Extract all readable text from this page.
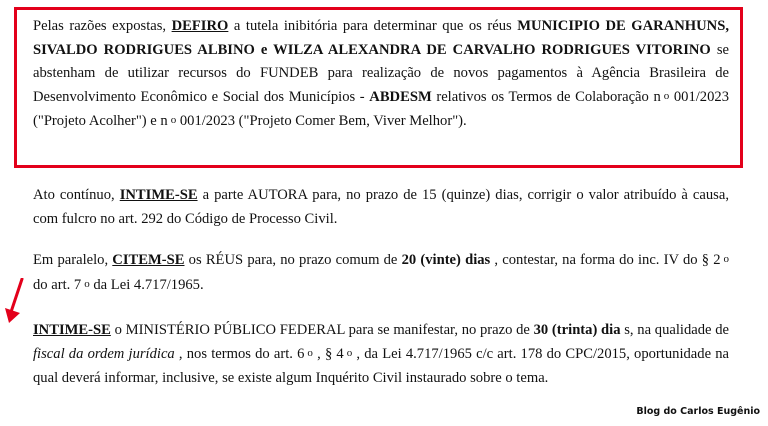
Pelas razões expostas, DEFIRO a tutela inibitória para determinar que os réus MUNICIPIO DE GARANHUNS, SIVALDO RODRIGUES ALBINO e WILZA ALEXANDRA DE CARVALHO RODRIGUES VITORINO se abstenham de utilizar recursos do FUNDEB para realização de novos pagamentos à Agência Brasileira de Desenvolvimento Econômico e Social dos Municípios - ABDESM relativos os Termos de Colaboração n $^o$ 001/2023 ("Projeto Acolher") e n $^o$ 001/2023 ("Projeto Comer Bem, Viver Melhor").
Ato contínuo, INTIME-SE a parte AUTORA para, no prazo de 15 (quinze) dias, corrigir o valor atribuído à causa, com fulcro no art. 292 do Código de Processo Civil.
Em paralelo, CITEM-SE os RÉUS para, no prazo comum de 20 (vinte) dias , contestar, na forma do inc. IV do § 2 $^o$ do art. 7 $^o$ da Lei 4.717/1965.
INTIME-SE o MINISTÉRIO PÚBLICO FEDERAL para se manifestar, no prazo de 30 (trinta) dia s, na qualidade de fiscal da ordem jurídica , nos termos do art. 6 $^o$ , § 4 $^o$ , da Lei 4.717/1965 c/c art. 178 do CPC/2015, oportunidade na qual deverá informar, inclusive, se existe algum Inquérito Civil instaurado sobre o tema.
Blog do Carlos Eugênio
